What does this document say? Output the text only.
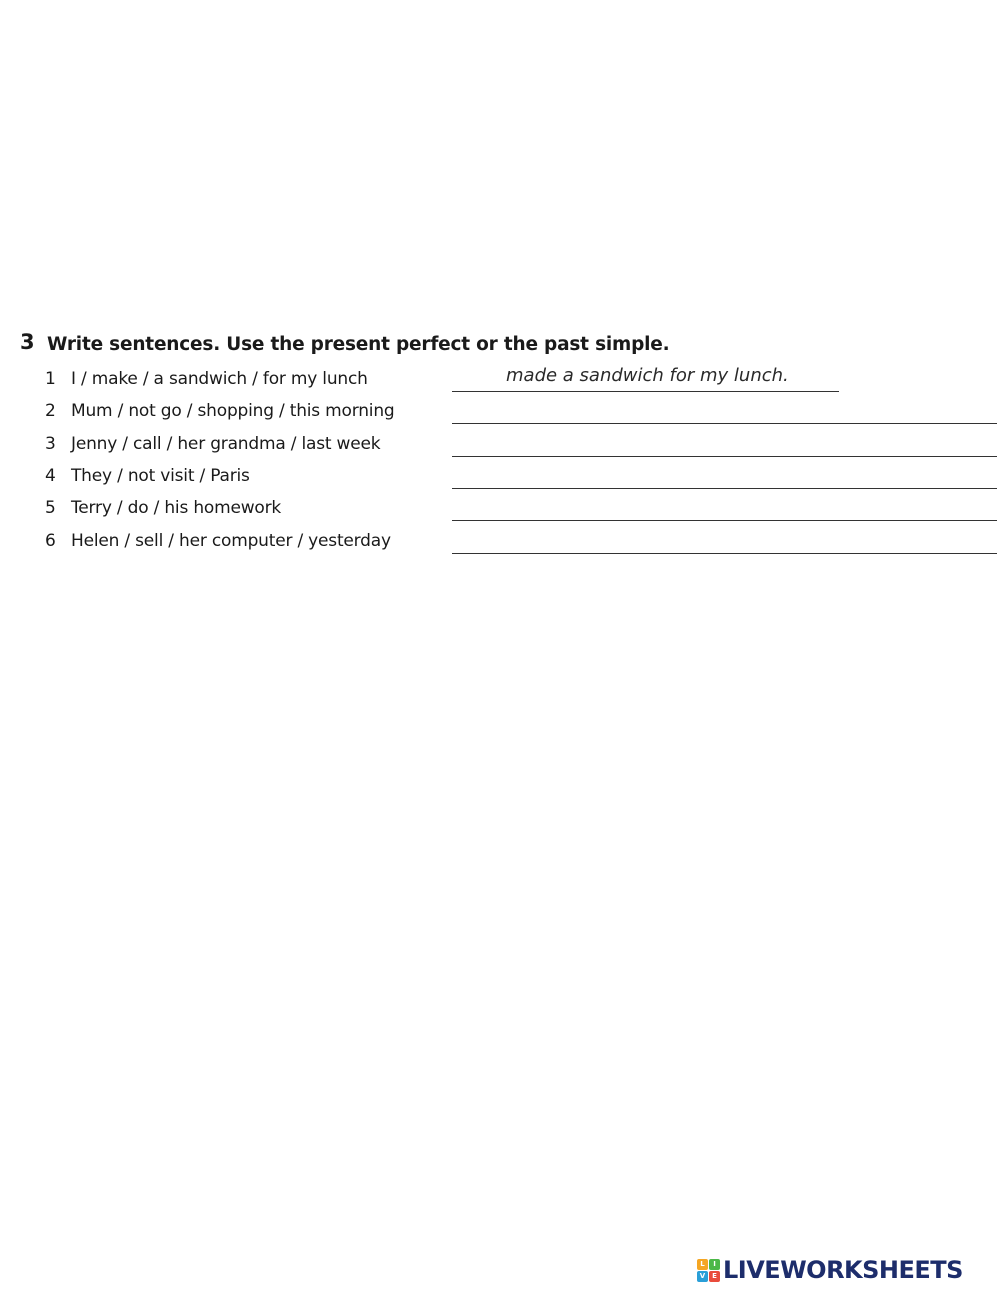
3 Write sentences. Use the present perfect or the past simple.
1 I / make / a sandwich / for my lunch	made a sandwich for my lunch.
2 Mum / not go / shopping / this morning
3 Jenny / call / her grandma / last week
4 They / not visit / Paris
5 Terry / do / his homework
6 Helen / sell / her computer / yesterday
L	I
V E LIVEWORKSHEETS
